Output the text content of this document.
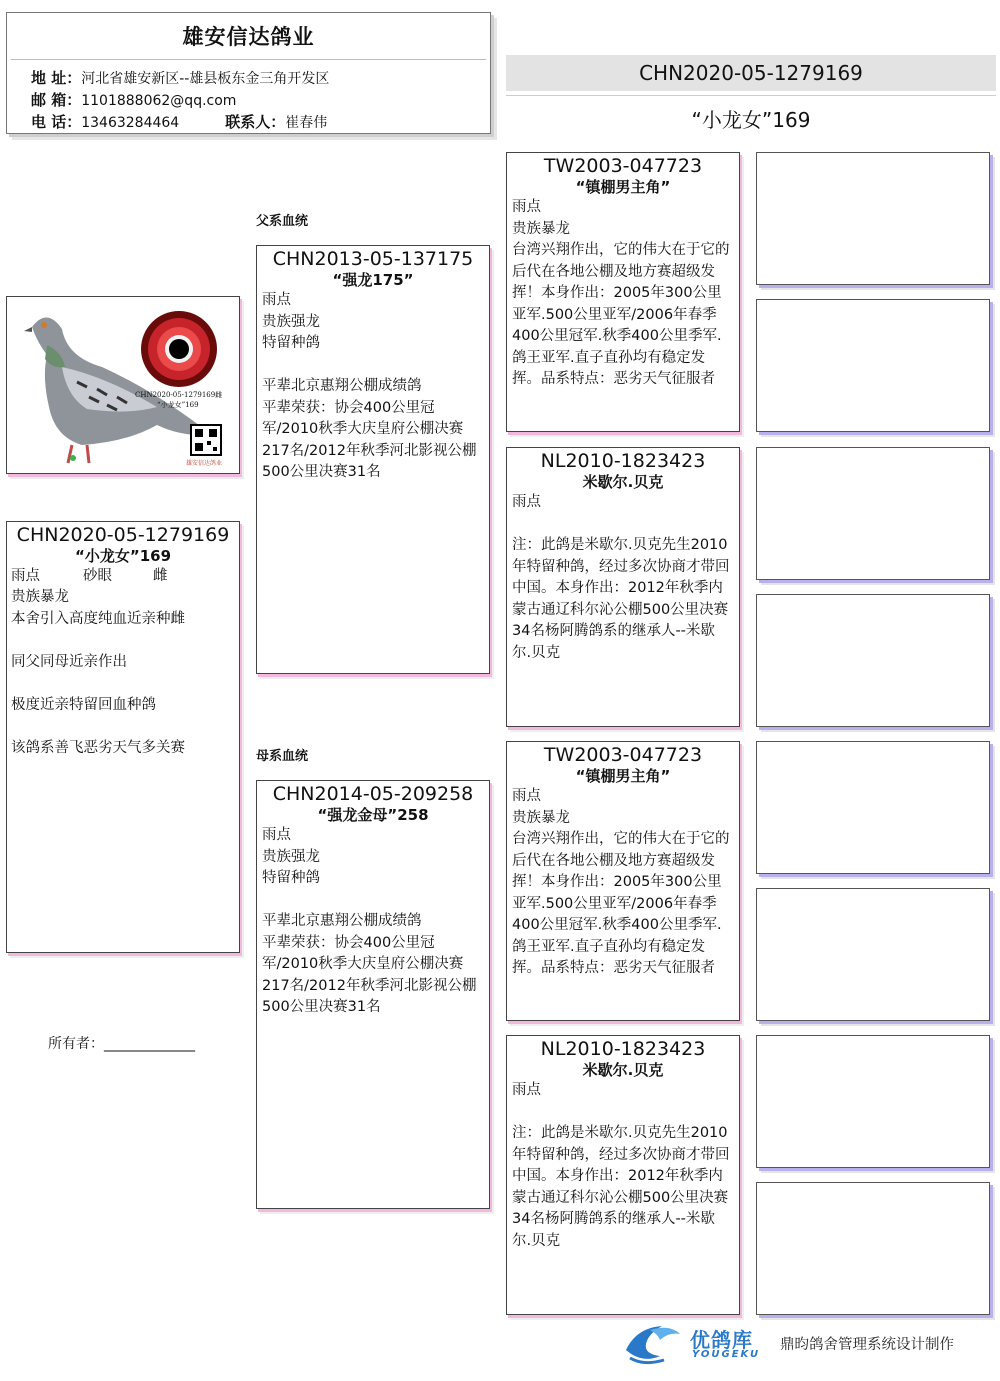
雄安信达鸽业
地 址：河北省雄安新区--雄县板东金三角开发区
邮 箱：1101888062@qq.com
电 话：13463284464	联系人：崔春伟
CHN2020-05-1279169
“小龙女”169
CHN2020-05-1279169雌
“小龙女”169
雄安信达鸽业
CHN2020-05-1279169
“小龙女”169
雨点	砂眼	雌
贵族暴龙
本舍引入高度纯血近亲种雌

同父同母近亲作出

极度近亲特留回血种鸽

该鸽系善飞恶劣天气多关赛
所有者：_____________
父系血统
母系血统
CHN2013-05-137175
“强龙175”
雨点
贵族强龙
特留种鸽

平辈北京惠翔公棚成绩鸽
平辈荣获：协会400公里冠军/2010秋季大庆皇府公棚决赛217名/2012年秋季河北影视公棚500公里决赛31名
CHN2014-05-209258
“强龙金母”258
雨点
贵族强龙
特留种鸽

平辈北京惠翔公棚成绩鸽
平辈荣获：协会400公里冠军/2010秋季大庆皇府公棚决赛217名/2012年秋季河北影视公棚500公里决赛31名
TW2003-047723
“镇棚男主角”
雨点
贵族暴龙
台湾兴翔作出，它的伟大在于它的后代在各地公棚及地方赛超级发挥！本身作出：2005年300公里亚军.500公里亚军/2006年春季400公里冠军.秋季400公里季军.鸽王亚军.直子直孙均有稳定发挥。品系特点：恶劣天气征服者
NL2010-1823423
米歇尔.贝克
雨点

注：此鸽是米歇尔.贝克先生2010年特留种鸽，经过多次协商才带回中国。本身作出：2012年秋季内蒙古通辽科尔沁公棚500公里决赛34名杨阿腾鸽系的继承人--米歇尔.贝克
TW2003-047723
“镇棚男主角”
雨点
贵族暴龙
台湾兴翔作出，它的伟大在于它的后代在各地公棚及地方赛超级发挥！本身作出：2005年300公里亚军.500公里亚军/2006年春季400公里冠军.秋季400公里季军.鸽王亚军.直子直孙均有稳定发挥。品系特点：恶劣天气征服者
NL2010-1823423
米歇尔.贝克
雨点

注：此鸽是米歇尔.贝克先生2010年特留种鸽，经过多次协商才带回中国。本身作出：2012年秋季内蒙古通辽科尔沁公棚500公里决赛34名杨阿腾鸽系的继承人--米歇尔.贝克
优鸽库
YOUGEKU
鼎昀鸽舍管理系统设计制作
